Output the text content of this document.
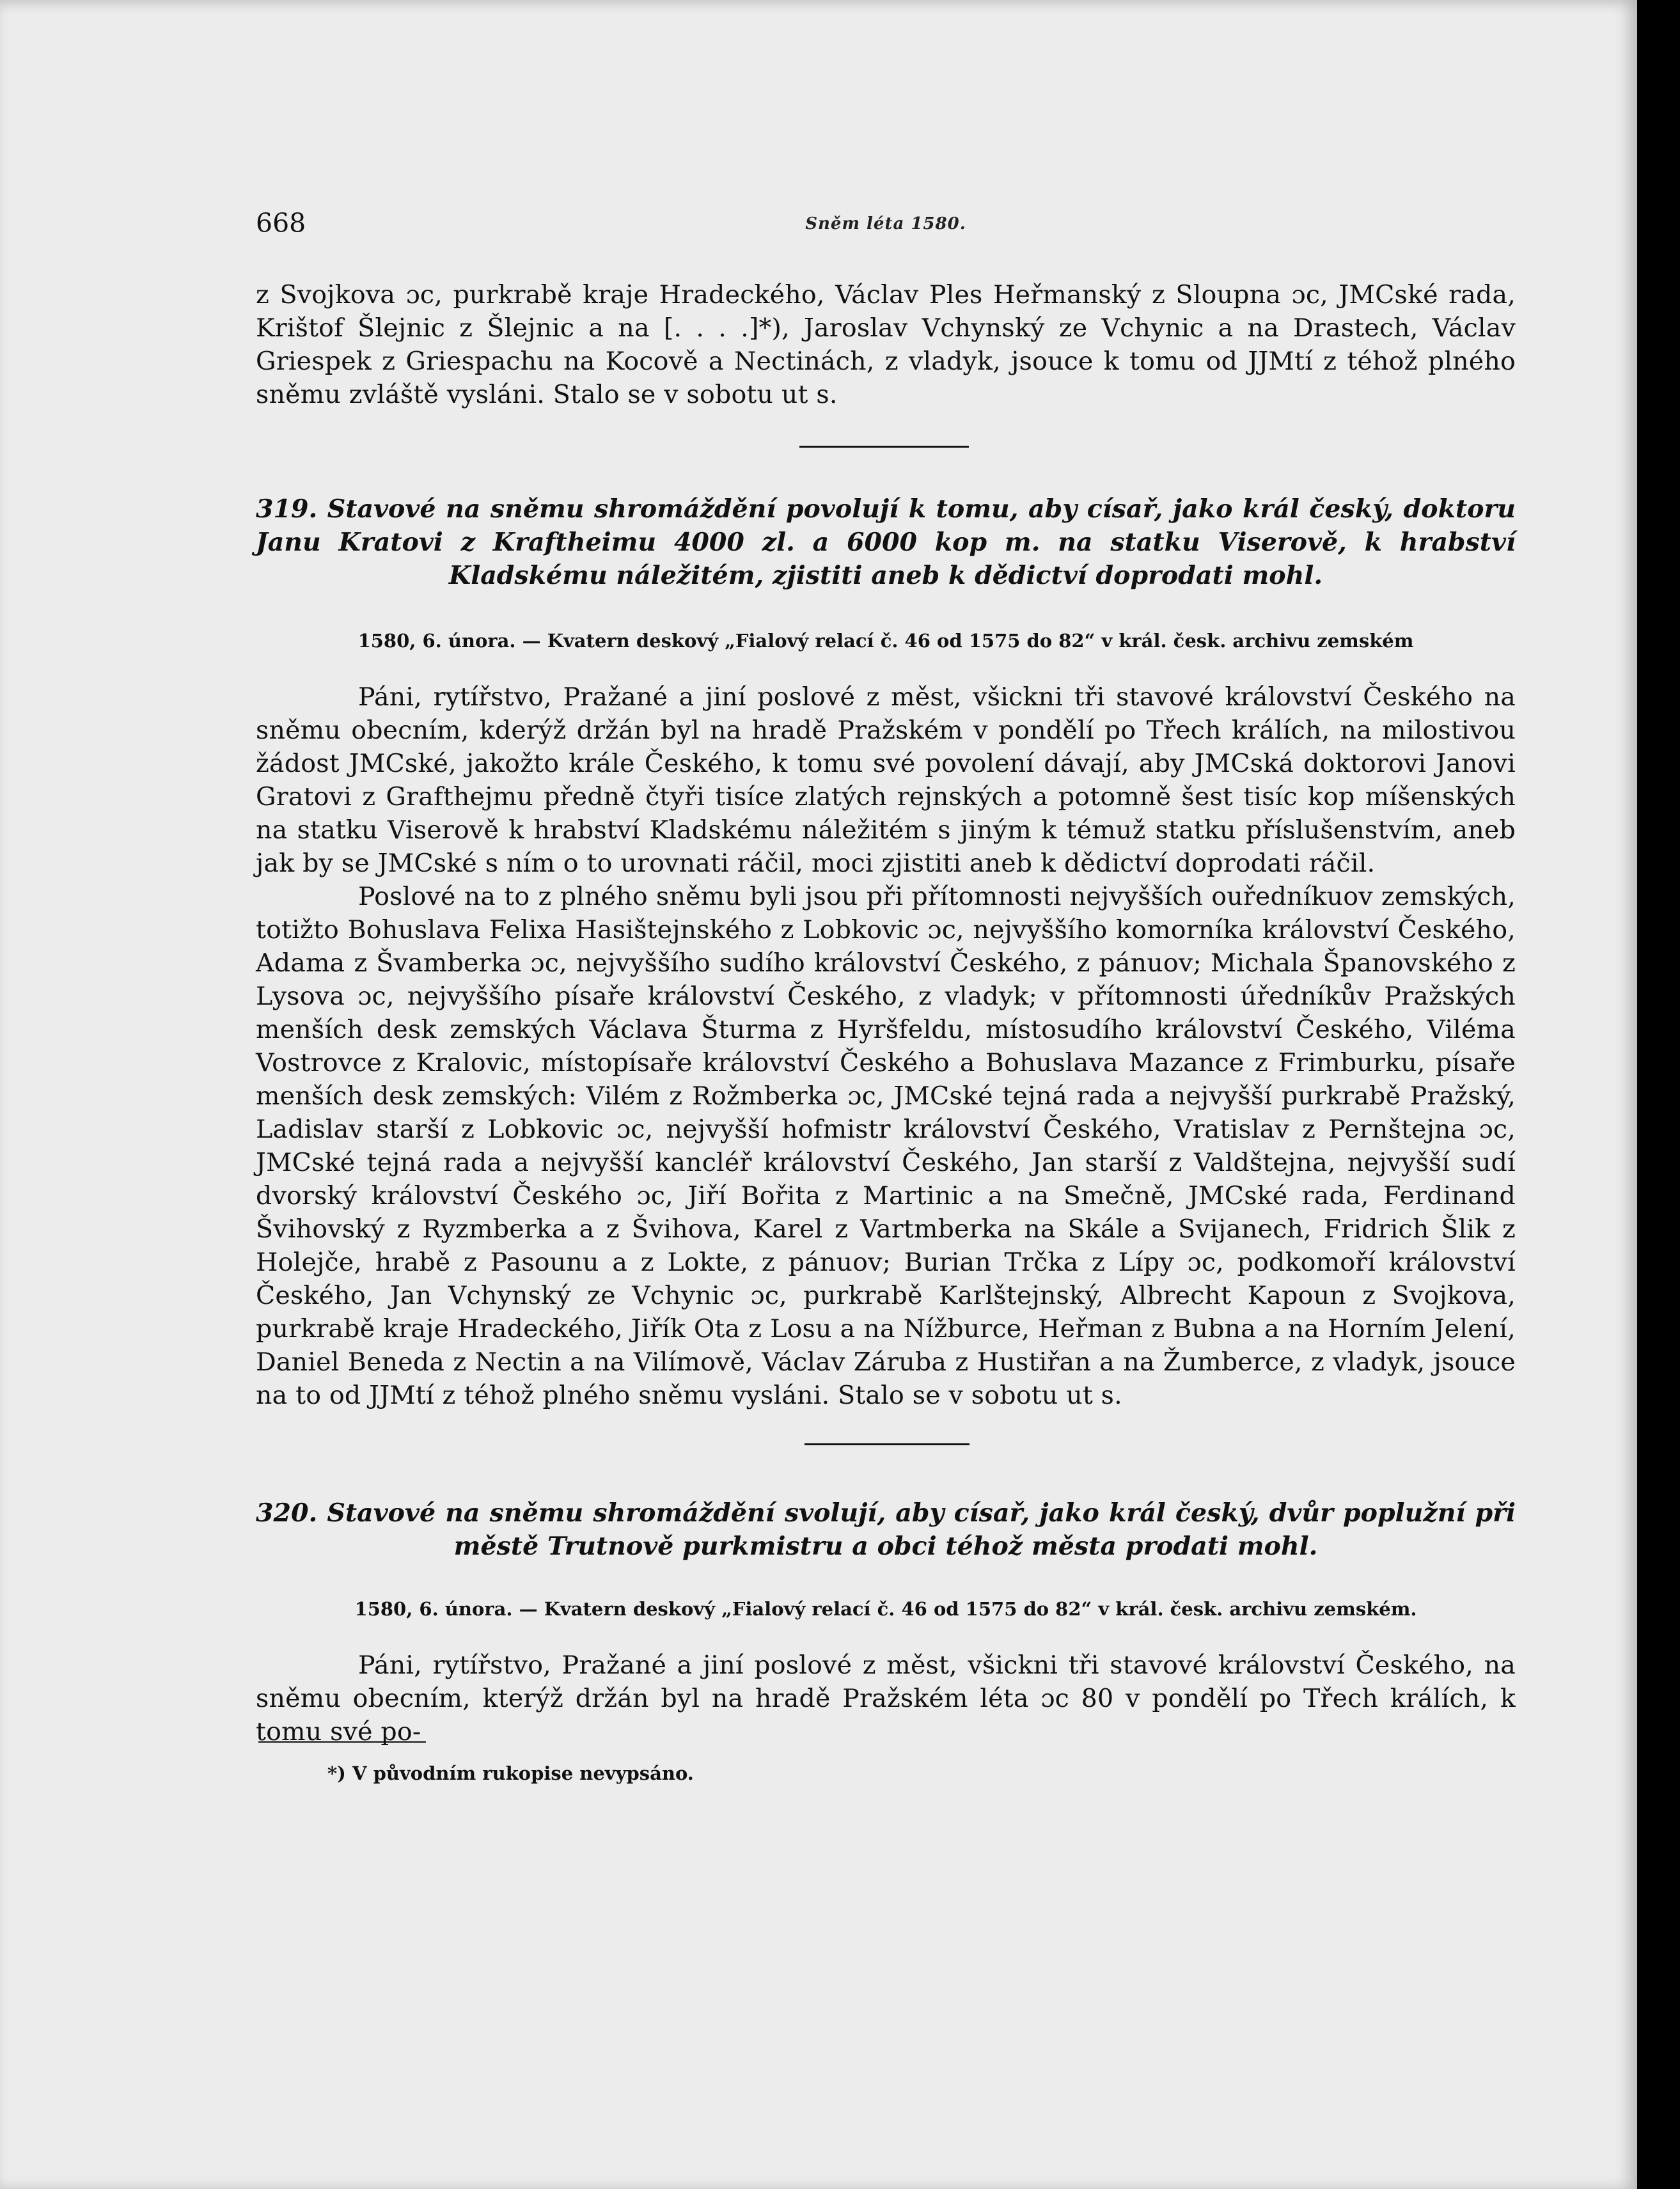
668	Sněm léta 1580.

z Svojkova ɔc, purkrabě kraje Hradeckého, Václav Ples Heřmanský z Sloupna ɔc, JMCské rada, Krištof Šlejnic z Šlejnic a na [. . . .]*), Jaroslav Vchynský ze Vchynic a na Drastech, Václav Griespek z Griespachu na Kocově a Nectinách, z vladyk, jsouce k tomu od JJMtí z téhož plného sněmu zvláště vysláni. Stalo se v sobotu ut s.

319. Stavové na sněmu shromáždění povolují k tomu, aby císař, jako král český, doktoru Janu Kratovi z Kraftheimu 4000 zl. a 6000 kop m. na statku Viserově, k hrabství Kladskému náležitém, zjistiti aneb k dědictví doprodati mohl.
1580, 6. února. — Kvatern deskový „Fialový relací č. 46 od 1575 do 82“ v král. česk. archivu zemském

Páni, rytířstvo, Pražané a jiní poslové z měst, všickni tři stavové království Českého na sněmu obecním, kderýž držán byl na hradě Pražském v pondělí po Třech králích, na milostivou žádost JMCské, jakožto krále Českého, k tomu své povolení dávají, aby JMCská doktorovi Janovi Gratovi z Grafthejmu předně čtyři tisíce zlatých rejnských a potomně šest tisíc kop míšenských na statku Viserově k hrabství Kladskému náležitém s jiným k témuž statku příslušenstvím, aneb jak by se JMCské s ním o to urovnati ráčil, moci zjistiti aneb k dědictví doprodati ráčil.

Poslové na to z plného sněmu byli jsou při přítomnosti nejvyšších ouředníkuov zemských, totižto Bohuslava Felixa Hasištejnského z Lobkovic ɔc, nejvyššího komorníka království Českého, Adama z Švamberka ɔc, nejvyššího sudího království Českého, z pánuov; Michala Španovského z Lysova ɔc, nejvyššího písaře království Českého, z vladyk; v přítomnosti úředníkův Pražských menších desk zemských Václava Šturma z Hyršfeldu, místosudího království Českého, Viléma Vostrovce z Kralovic, místopísaře království Českého a Bohuslava Mazance z Frimburku, písaře menších desk zemských: Vilém z Rožmberka ɔc, JMCské tejná rada a nejvyšší purkrabě Pražský, Ladislav starší z Lobkovic ɔc, nejvyšší hofmistr království Českého, Vratislav z Pernštejna ɔc, JMCské tejná rada a nejvyšší kancléř království Českého, Jan starší z Valdštejna, nejvyšší sudí dvorský království Českého ɔc, Jiří Bořita z Martinic a na Smečně, JMCské rada, Ferdinand Švihovský z Ryzmberka a z Švihova, Karel z Vartmberka na Skále a Svijanech, Fridrich Šlik z Holejče, hrabě z Pasounu a z Lokte, z pánuov; Burian Trčka z Lípy ɔc, podkomoří království Českého, Jan Vchynský ze Vchynic ɔc, purkrabě Karlštejnský, Albrecht Kapoun z Svojkova, purkrabě kraje Hradeckého, Jiřík Ota z Losu a na Nížburce, Heřman z Bubna a na Horním Jelení, Daniel Beneda z Nectin a na Vilímově, Václav Záruba z Hustiřan a na Žumberce, z vladyk, jsouce na to od JJMtí z téhož plného sněmu vysláni. Stalo se v sobotu ut s.

320. Stavové na sněmu shromáždění svolují, aby císař, jako král český, dvůr poplužní při městě Trutnově purkmistru a obci téhož města prodati mohl.
1580, 6. února. — Kvatern deskový „Fialový relací č. 46 od 1575 do 82“ v král. česk. archivu zemském.

Páni, rytířstvo, Pražané a jiní poslové z měst, všickni tři stavové království Českého, na sněmu obecním, kterýž držán byl na hradě Pražském léta ɔc 80 v pondělí po Třech králích, k tomu své po-

*) V původním rukopise nevypsáno.
